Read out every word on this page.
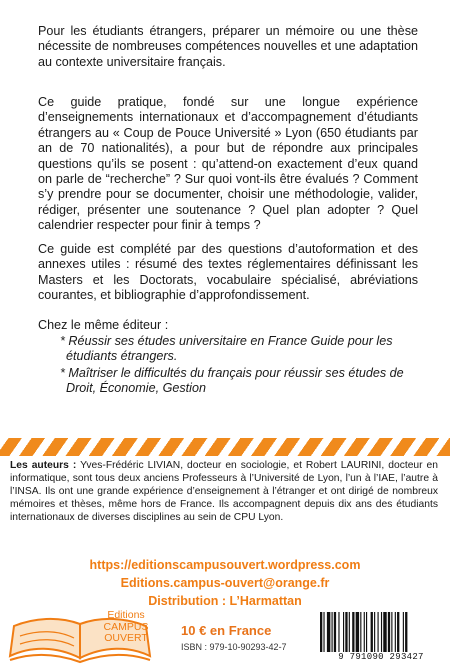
Pour les étudiants étrangers, préparer un mémoire ou une thèse nécessite de nombreuses compétences nouvelles et une adaptation au contexte universitaire français.

Ce guide pratique, fondé sur une longue expérience d’enseignements internationaux et d’accompagnement d’étudiants étrangers au « Coup de Pouce Université » Lyon (650 étudiants par an de 70 nationalités), a pour but de répondre aux principales questions qu’ils se posent : qu’attend-on exactement d’eux quand on parle de “recherche” ? Sur quoi vont-ils être évalués ? Comment s’y prendre pour se documenter, choisir une méthodologie, valider, rédiger, présenter une soutenance ? Quel plan adopter ? Quel calendrier respecter pour finir à temps ?

Ce guide est complété par des questions d’autoformation et des annexes utiles : résumé des textes réglementaires définissant les Masters et les Doctorats, vocabulaire spécialisé, abréviations courantes, et bibliographie d’approfondissement.

Chez le même éditeur :

* Réussir ses études universitaire en France Guide pour les étudiants étrangers.

* Maîtriser le difficultés du français pour réussir ses études de Droit, Économie, Gestion

Les auteurs : Yves-Frédéric LIVIAN, docteur en sociologie, et Robert LAURINI, docteur en informatique, sont tous deux anciens Professeurs à l’Université de Lyon, l’un à l’IAE, l’autre à l’INSA. Ils ont une grande expérience d’enseignement à l’étranger et ont dirigé de nombreux mémoires et thèses, même hors de France. Ils accompagnent depuis dix ans des étudiants internationaux de diverses disciplines au sein de CPU Lyon.

https://editionscampusouvert.wordpress.com

Editions.campus-ouvert@orange.fr

Distribution : L’Harmattan

Editions
CAMPUS
OUVERT

10 € en France

ISBN : 979-10-90293-42-7

9 791090 293427
